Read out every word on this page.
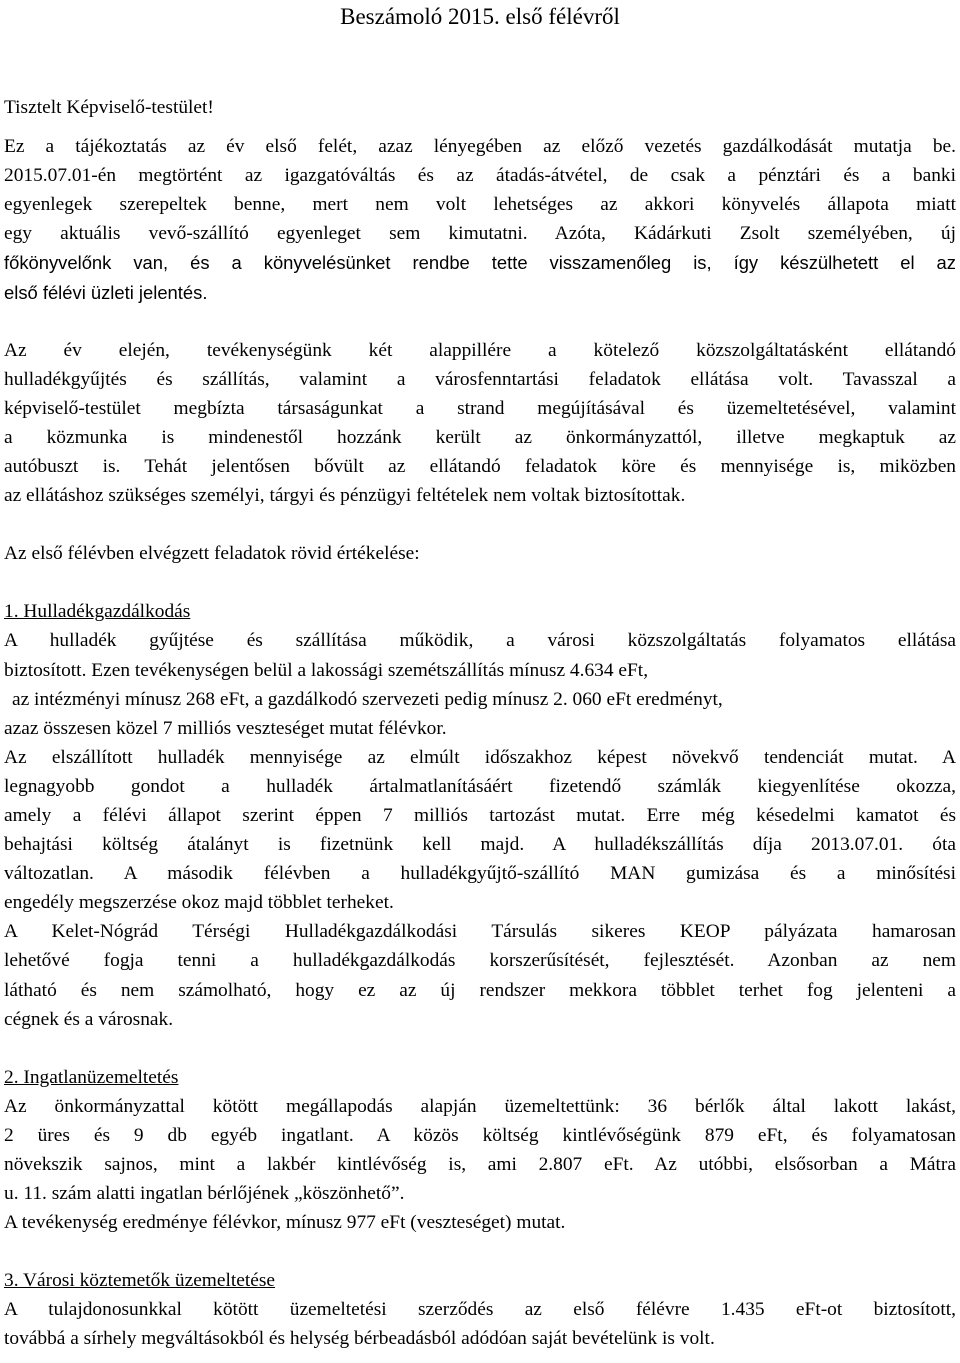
Beszámoló 2015. első félévről

Tisztelt Képviselő-testület!

Ez a tájékoztatás az év első felét, azaz lényegében az előző vezetés gazdálkodását mutatja be.

2015.07.01-én megtörtént az igazgatóváltás és az átadás-átvétel, de csak a pénztári és a banki

egyenlegek szerepeltek benne, mert nem volt lehetséges az akkori könyvelés állapota miatt

egy aktuális vevő-szállító egyenleget sem kimutatni. Azóta, Kádárkuti Zsolt személyében, új

főkönyvelőnk van, és a könyvelésünket rendbe tette visszamenőleg is, így készülhetett el az

első félévi üzleti jelentés.

Az év elején, tevékenységünk két alappillére a kötelező közszolgáltatásként ellátandó

hulladékgyűjtés és szállítás, valamint a városfenntartási feladatok ellátása volt. Tavasszal a

képviselő-testület megbízta társaságunkat a strand megújításával és üzemeltetésével, valamint

a közmunka is mindenestől hozzánk került az önkormányzattól, illetve megkaptuk az

autóbuszt is. Tehát jelentősen bővült az ellátandó feladatok köre és mennyisége is, miközben

az ellátáshoz szükséges személyi, tárgyi és pénzügyi feltételek nem voltak biztosítottak.

Az első félévben elvégzett feladatok rövid értékelése:

1. Hulladékgazdálkodás

A hulladék gyűjtése és szállítása működik, a városi közszolgáltatás folyamatos ellátása

biztosított. Ezen tevékenységen belül a lakossági szemétszállítás mínusz 4.634 eFt,

az intézményi mínusz 268 eFt, a gazdálkodó szervezeti pedig mínusz 2. 060 eFt eredményt,

azaz összesen közel 7 milliós veszteséget mutat félévkor.

Az elszállított hulladék mennyisége az elmúlt időszakhoz képest növekvő tendenciát mutat. A

legnagyobb gondot a hulladék ártalmatlanításáért fizetendő számlák kiegyenlítése okozza,

amely a félévi állapot szerint éppen 7 milliós tartozást mutat. Erre még késedelmi kamatot és

behajtási költség átalányt is fizetnünk kell majd. A hulladékszállítás díja 2013.07.01. óta

változatlan. A második félévben a hulladékgyűjtő-szállító MAN gumizása és a minősítési

engedély megszerzése okoz majd többlet terheket.

A Kelet-Nógrád Térségi Hulladékgazdálkodási Társulás sikeres KEOP pályázata hamarosan

lehetővé fogja tenni a hulladékgazdálkodás korszerűsítését, fejlesztését. Azonban az nem

látható és nem számolható, hogy ez az új rendszer mekkora többlet terhet fog jelenteni a

cégnek és a városnak.

2. Ingatlanüzemeltetés

Az önkormányzattal kötött megállapodás alapján üzemeltettünk: 36 bérlők által lakott lakást,

2 üres és 9 db egyéb ingatlant. A közös költség kintlévőségünk 879 eFt, és folyamatosan

növekszik sajnos, mint a lakbér kintlévőség is, ami 2.807 eFt. Az utóbbi, elsősorban a Mátra

u. 11. szám alatti ingatlan bérlőjének „köszönhető”.

A tevékenység eredménye félévkor, mínusz 977 eFt (veszteséget) mutat.

3. Városi köztemetők üzemeltetése

A tulajdonosunkkal kötött üzemeltetési szerződés az első félévre 1.435 eFt-ot biztosított,

továbbá a sírhely megváltásokból és helység bérbeadásból adódóan saját bevételünk is volt.
